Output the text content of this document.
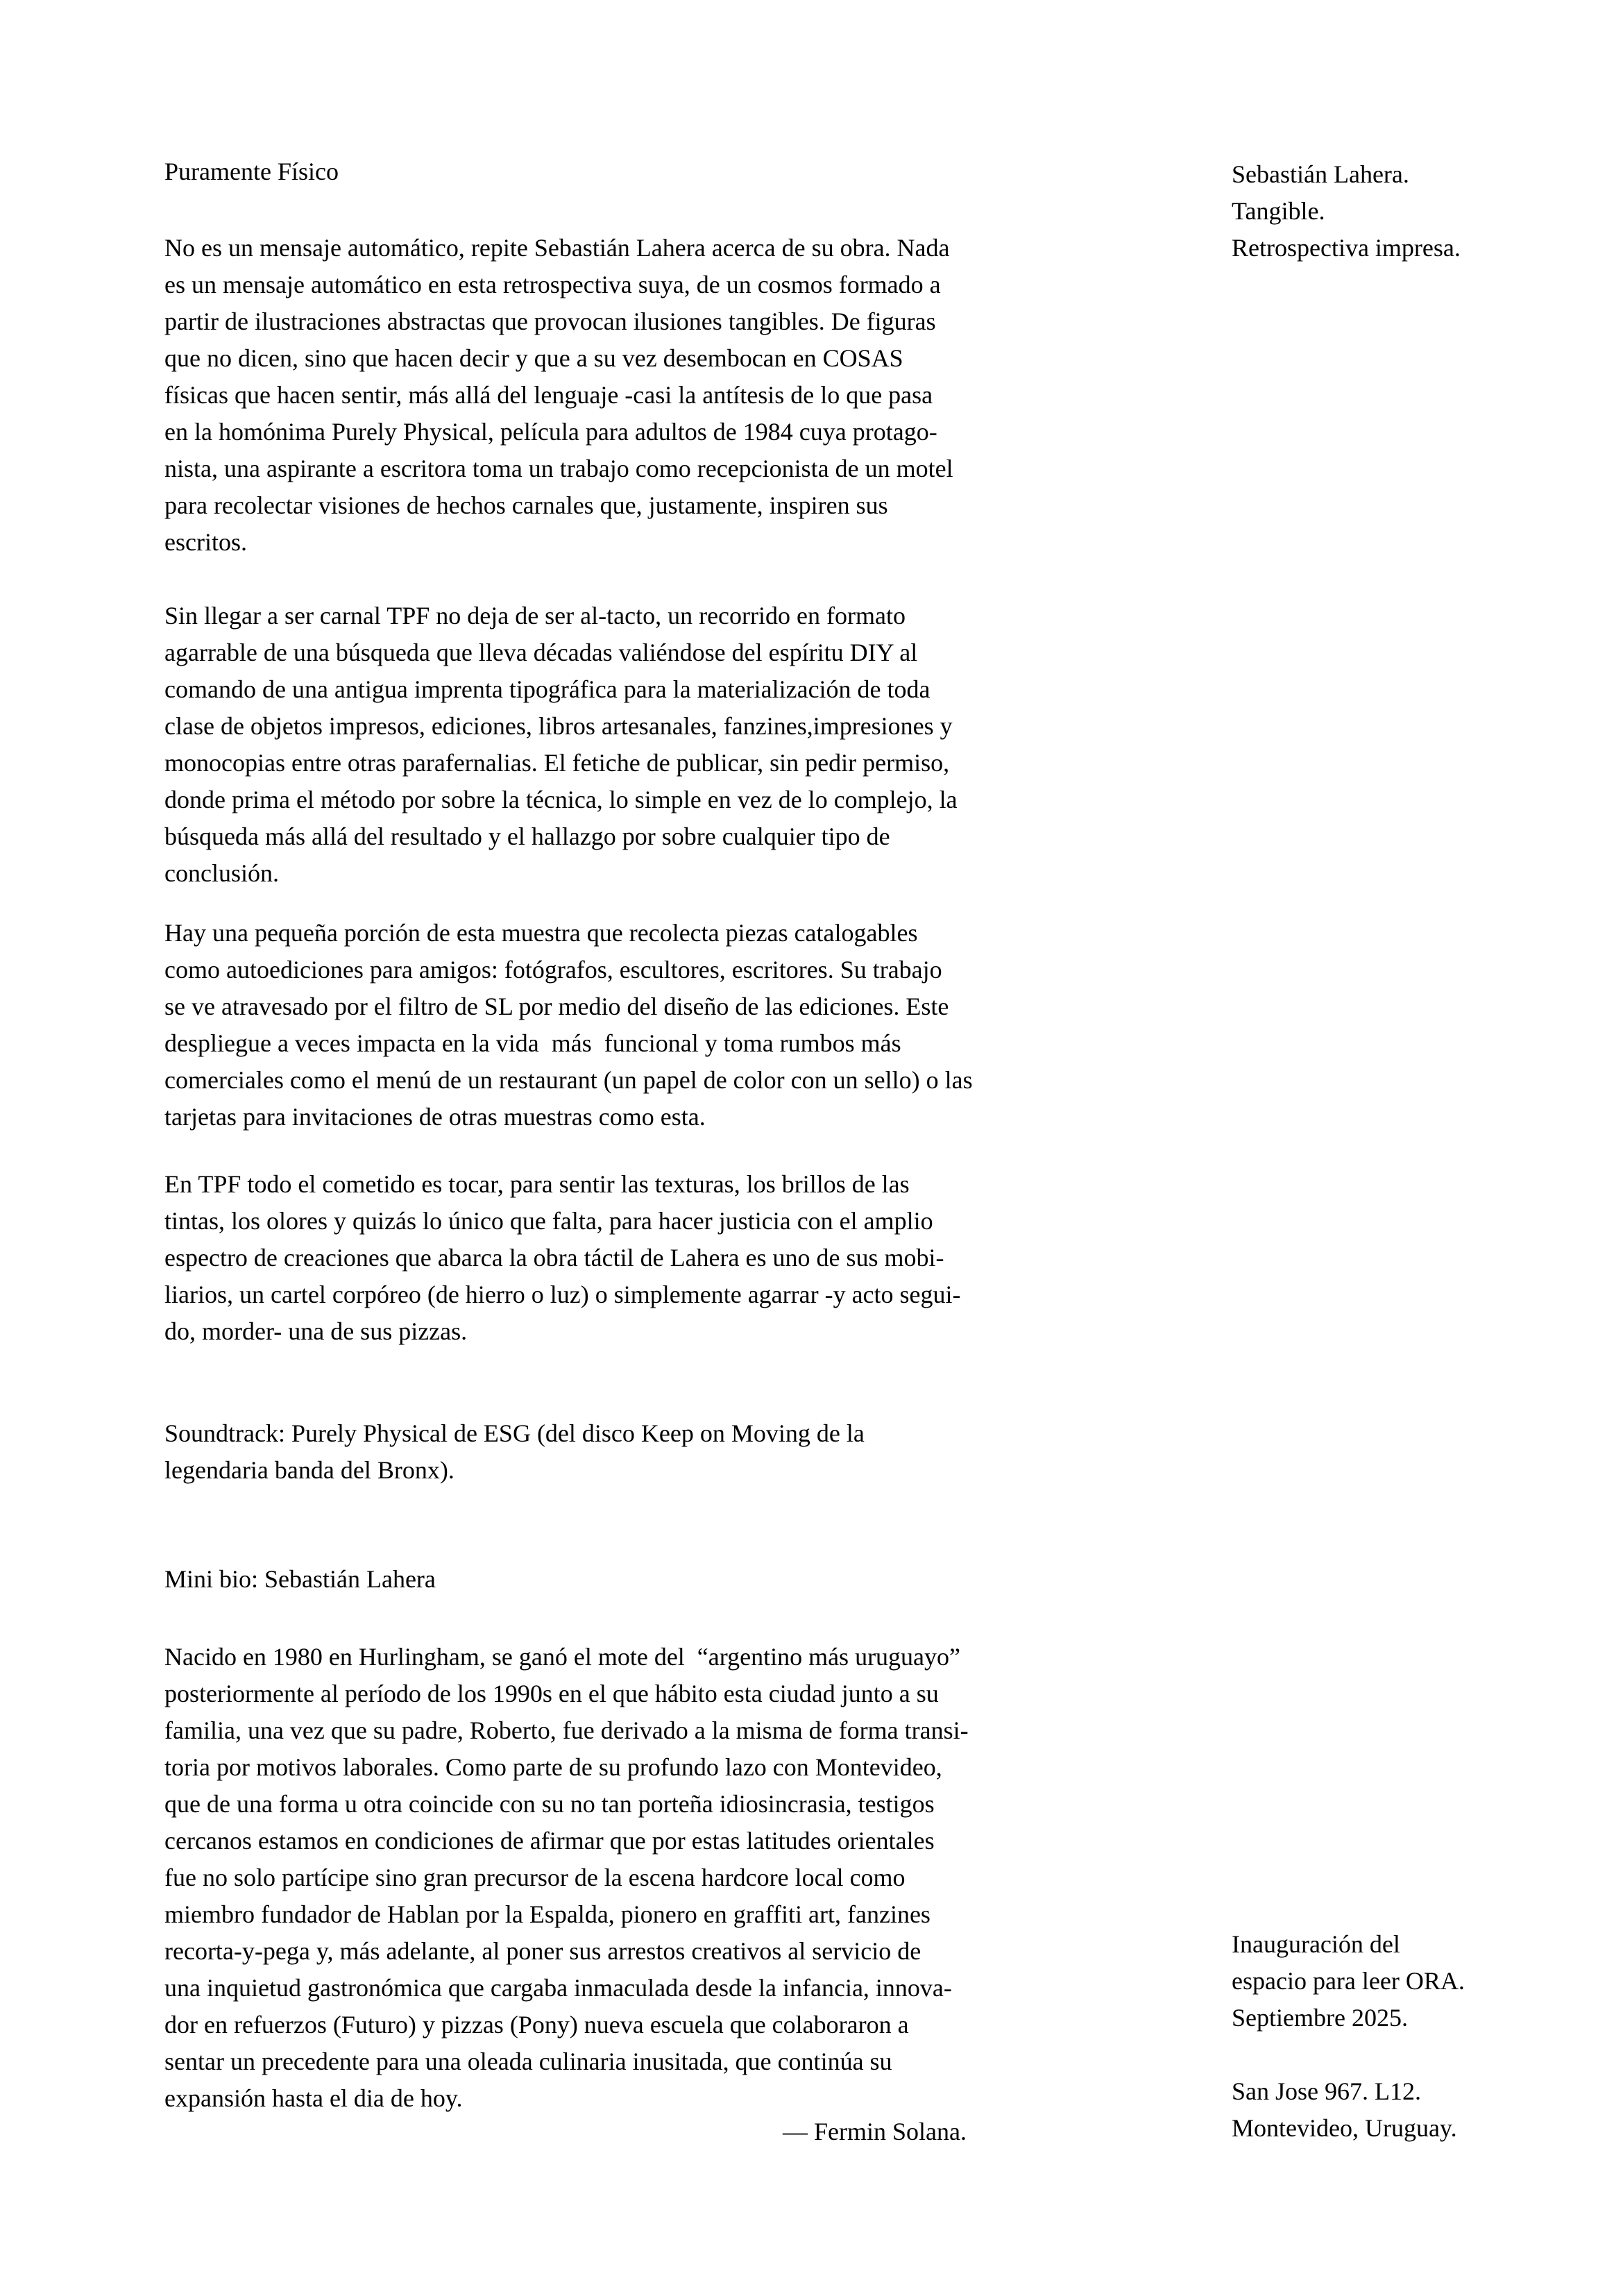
Puramente Físico
No es un mensaje automático, repite Sebastián Lahera acerca de su obra. Nada
es un mensaje automático en esta retrospectiva suya, de un cosmos formado a
partir de ilustraciones abstractas que provocan ilusiones tangibles. De figuras
que no dicen, sino que hacen decir y que a su vez desembocan en COSAS
físicas que hacen sentir, más allá del lenguaje -casi la antítesis de lo que pasa
en la homónima Purely Physical, película para adultos de 1984 cuya protago-
nista, una aspirante a escritora toma un trabajo como recepcionista de un motel
para recolectar visiones de hechos carnales que, justamente, inspiren sus
escritos.
Sin llegar a ser carnal TPF no deja de ser al-tacto, un recorrido en formato
agarrable de una búsqueda que lleva décadas valiéndose del espíritu DIY al
comando de una antigua imprenta tipográfica para la materialización de toda
clase de objetos impresos, ediciones, libros artesanales, fanzines,impresiones y
monocopias entre otras parafernalias. El fetiche de publicar, sin pedir permiso,
donde prima el método por sobre la técnica, lo simple en vez de lo complejo, la
búsqueda más allá del resultado y el hallazgo por sobre cualquier tipo de
conclusión.
Hay una pequeña porción de esta muestra que recolecta piezas catalogables
como autoediciones para amigos: fotógrafos, escultores, escritores. Su trabajo
se ve atravesado por el filtro de SL por medio del diseño de las ediciones. Este
despliegue a veces impacta en la vida  más  funcional y toma rumbos más
comerciales como el menú de un restaurant (un papel de color con un sello) o las
tarjetas para invitaciones de otras muestras como esta.
En TPF todo el cometido es tocar, para sentir las texturas, los brillos de las
tintas, los olores y quizás lo único que falta, para hacer justicia con el amplio
espectro de creaciones que abarca la obra táctil de Lahera es uno de sus mobi-
liarios, un cartel corpóreo (de hierro o luz) o simplemente agarrar -y acto segui-
do, morder- una de sus pizzas.
Soundtrack: Purely Physical de ESG (del disco Keep on Moving de la
legendaria banda del Bronx).
Mini bio: Sebastián Lahera
Nacido en 1980 en Hurlingham, se ganó el mote del  “argentino más uruguayo”
posteriormente al período de los 1990s en el que hábito esta ciudad junto a su
familia, una vez que su padre, Roberto, fue derivado a la misma de forma transi-
toria por motivos laborales. Como parte de su profundo lazo con Montevideo,
que de una forma u otra coincide con su no tan porteña idiosincrasia, testigos
cercanos estamos en condiciones de afirmar que por estas latitudes orientales
fue no solo partícipe sino gran precursor de la escena hardcore local como
miembro fundador de Hablan por la Espalda, pionero en graffiti art, fanzines
recorta-y-pega y, más adelante, al poner sus arrestos creativos al servicio de
una inquietud gastronómica que cargaba inmaculada desde la infancia, innova-
dor en refuerzos (Futuro) y pizzas (Pony) nueva escuela que colaboraron a
sentar un precedente para una oleada culinaria inusitada, que continúa su
expansión hasta el dia de hoy.
— Fermin Solana.
Sebastián Lahera.
Tangible.
Retrospectiva impresa.
Inauguración del
espacio para leer ORA.
Septiembre 2025.
San Jose 967. L12.
Montevideo, Uruguay.
